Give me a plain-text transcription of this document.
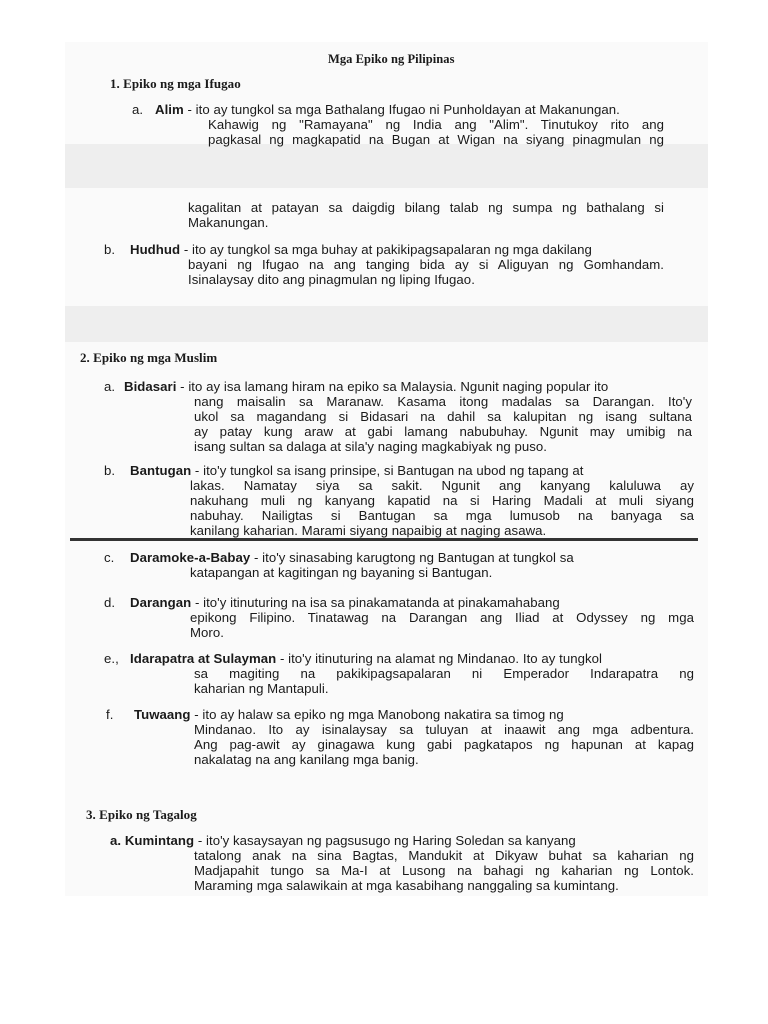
Mga Epiko ng Pilipinas
1. Epiko ng mga Ifugao
a. Alim - ito ay tungkol sa mga Bathalang Ifugao ni Punholdayan at Makanungan.
Kahawig ng "Ramayana" ng India ang "Alim". Tinutukoy rito ang
pagkasal ng magkapatid na Bugan at Wigan na siyang pinagmulan ng
kagalitan at patayan sa daigdig bilang talab ng sumpa ng bathalang si
Makanungan.
b. Hudhud - ito ay tungkol sa mga buhay at pakikipagsapalaran ng mga dakilang
bayani ng Ifugao na ang tanging bida ay si Aliguyan ng Gomhandam.
Isinalaysay dito ang pinagmulan ng liping Ifugao.
2. Epiko ng mga Muslim
a. Bidasari - ito ay isa lamang hiram na epiko sa Malaysia. Ngunit naging popular ito
nang maisalin sa Maranaw. Kasama itong madalas sa Darangan. Ito'y
ukol sa magandang si Bidasari na dahil sa kalupitan ng isang sultana
ay patay kung araw at gabi lamang nabubuhay. Ngunit may umibig na
isang sultan sa dalaga at sila'y naging magkabiyak ng puso.
b. Bantugan - ito'y tungkol sa isang prinsipe, si Bantugan na ubod ng tapang at
lakas. Namatay siya sa sakit. Ngunit ang kanyang kaluluwa ay
nakuhang muli ng kanyang kapatid na si Haring Madali at muli siyang
nabuhay. Nailigtas si Bantugan sa mga lumusob na banyaga sa
kanilang kaharian. Marami siyang napaibig at naging asawa.
c. Daramoke-a-Babay - ito'y sinasabing karugtong ng Bantugan at tungkol sa
katapangan at kagitingan ng bayaning si Bantugan.
d. Darangan - ito'y itinuturing na isa sa pinakamatanda at pinakamahabang
epikong Filipino. Tinatawag na Darangan ang Iliad at Odyssey ng mga
Moro.
e., Idarapatra at Sulayman - ito'y itinuturing na alamat ng Mindanao. Ito ay tungkol
sa magiting na pakikipagsapalaran ni Emperador Indarapatra ng
kaharian ng Mantapuli.
f. Tuwaang - ito ay halaw sa epiko ng mga Manobong nakatira sa timog ng
Mindanao. Ito ay isinalaysay sa tuluyan at inaawit ang mga adbentura.
Ang pag-awit ay ginagawa kung gabi pagkatapos ng hapunan at kapag
nakalatag na ang kanilang mga banig.
3. Epiko ng Tagalog
a. Kumintang - ito'y kasaysayan ng pagsusugo ng Haring Soledan sa kanyang
tatalong anak na sina Bagtas, Mandukit at Dikyaw buhat sa kaharian ng
Madjapahit tungo sa Ma-I at Lusong na bahagi ng kaharian ng Lontok.
Maraming mga salawikain at mga kasabihang nanggaling sa kumintang.
